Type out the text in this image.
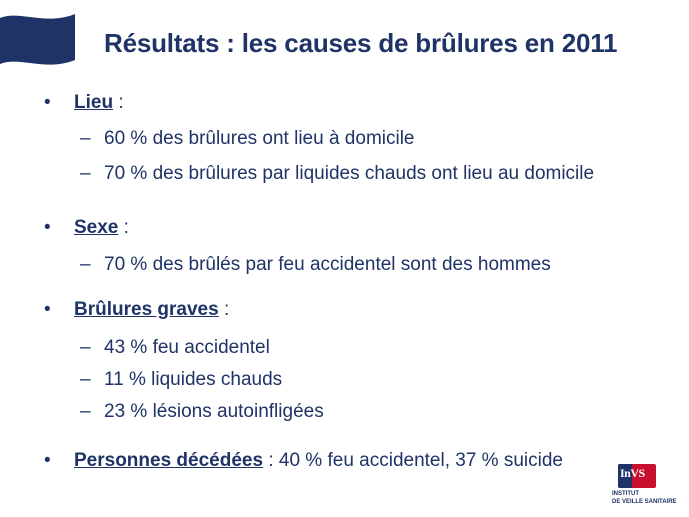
Résultats : les causes de brûlures en 2011
• Lieu :
– 60 % des brûlures ont lieu à domicile
– 70 % des brûlures par liquides chauds ont lieu au domicile
• Sexe :
– 70 % des brûlés par feu accidentel sont des hommes
• Brûlures graves :
– 43 % feu accidentel
– 11 % liquides chauds
– 23 % lésions autoinfligées
• Personnes décédées : 40 % feu accidentel, 37 % suicide
InVS
INSTITUT
DE VEILLE SANITAIRE
